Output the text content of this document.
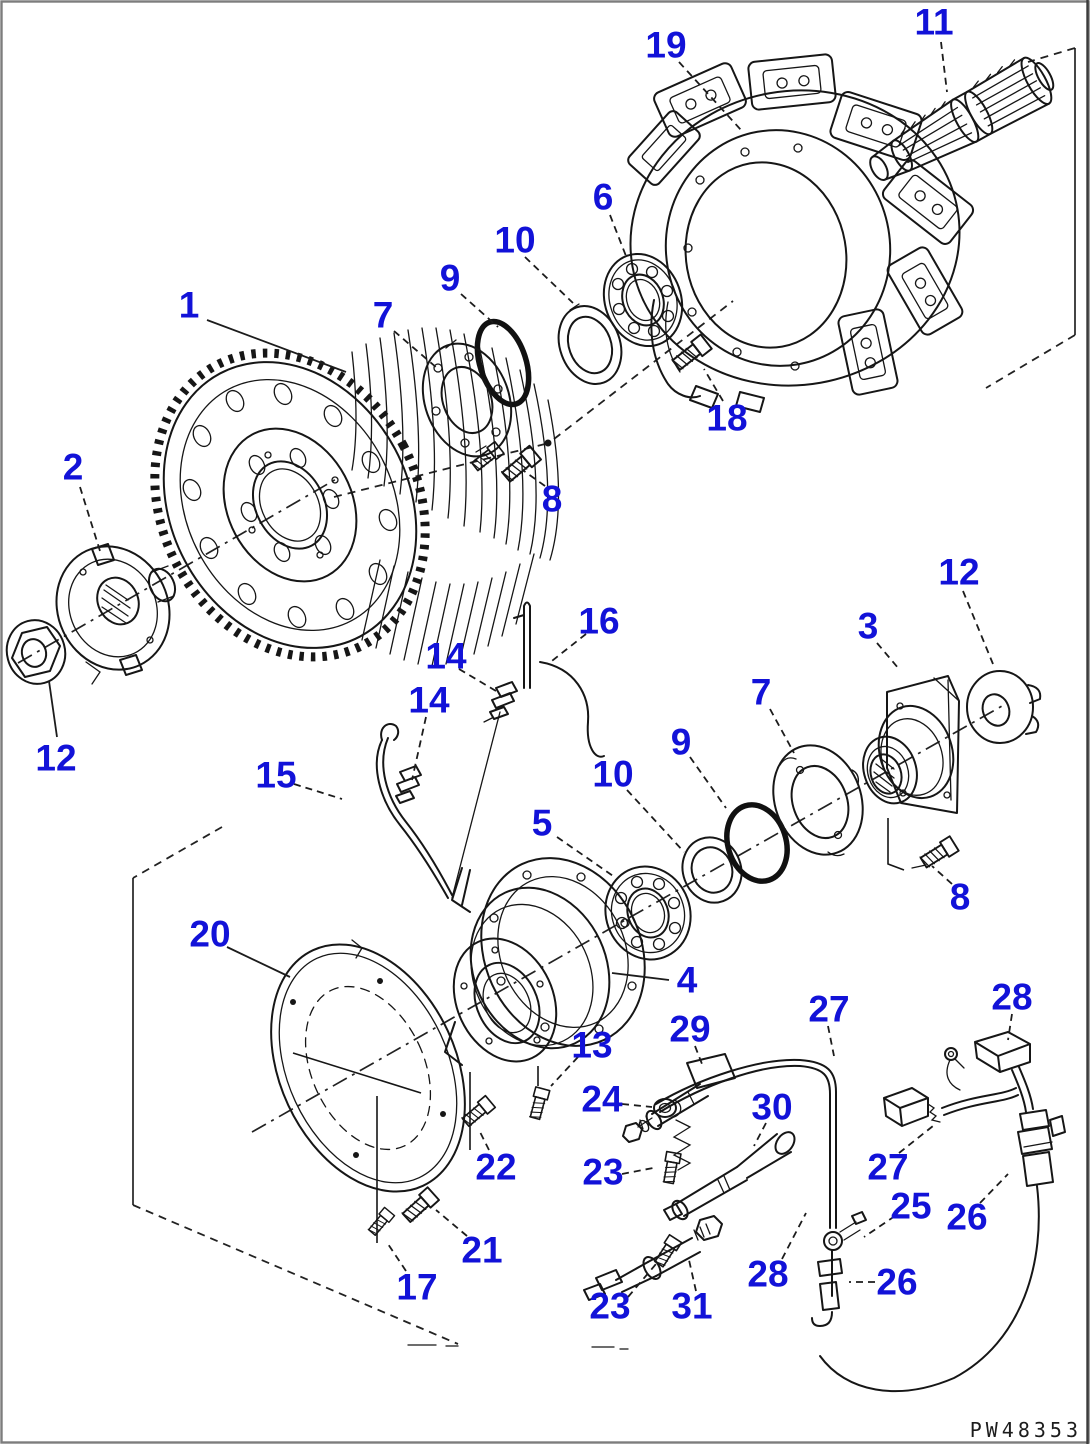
1
2
12
19
11
6
10
9
7
8
18
16
14
14
15
20
12
3
7
9
10
5
8
4
13
24
29	27	28
30
23	27
25 26
26
28
31
23
17
21
22
PW48353
